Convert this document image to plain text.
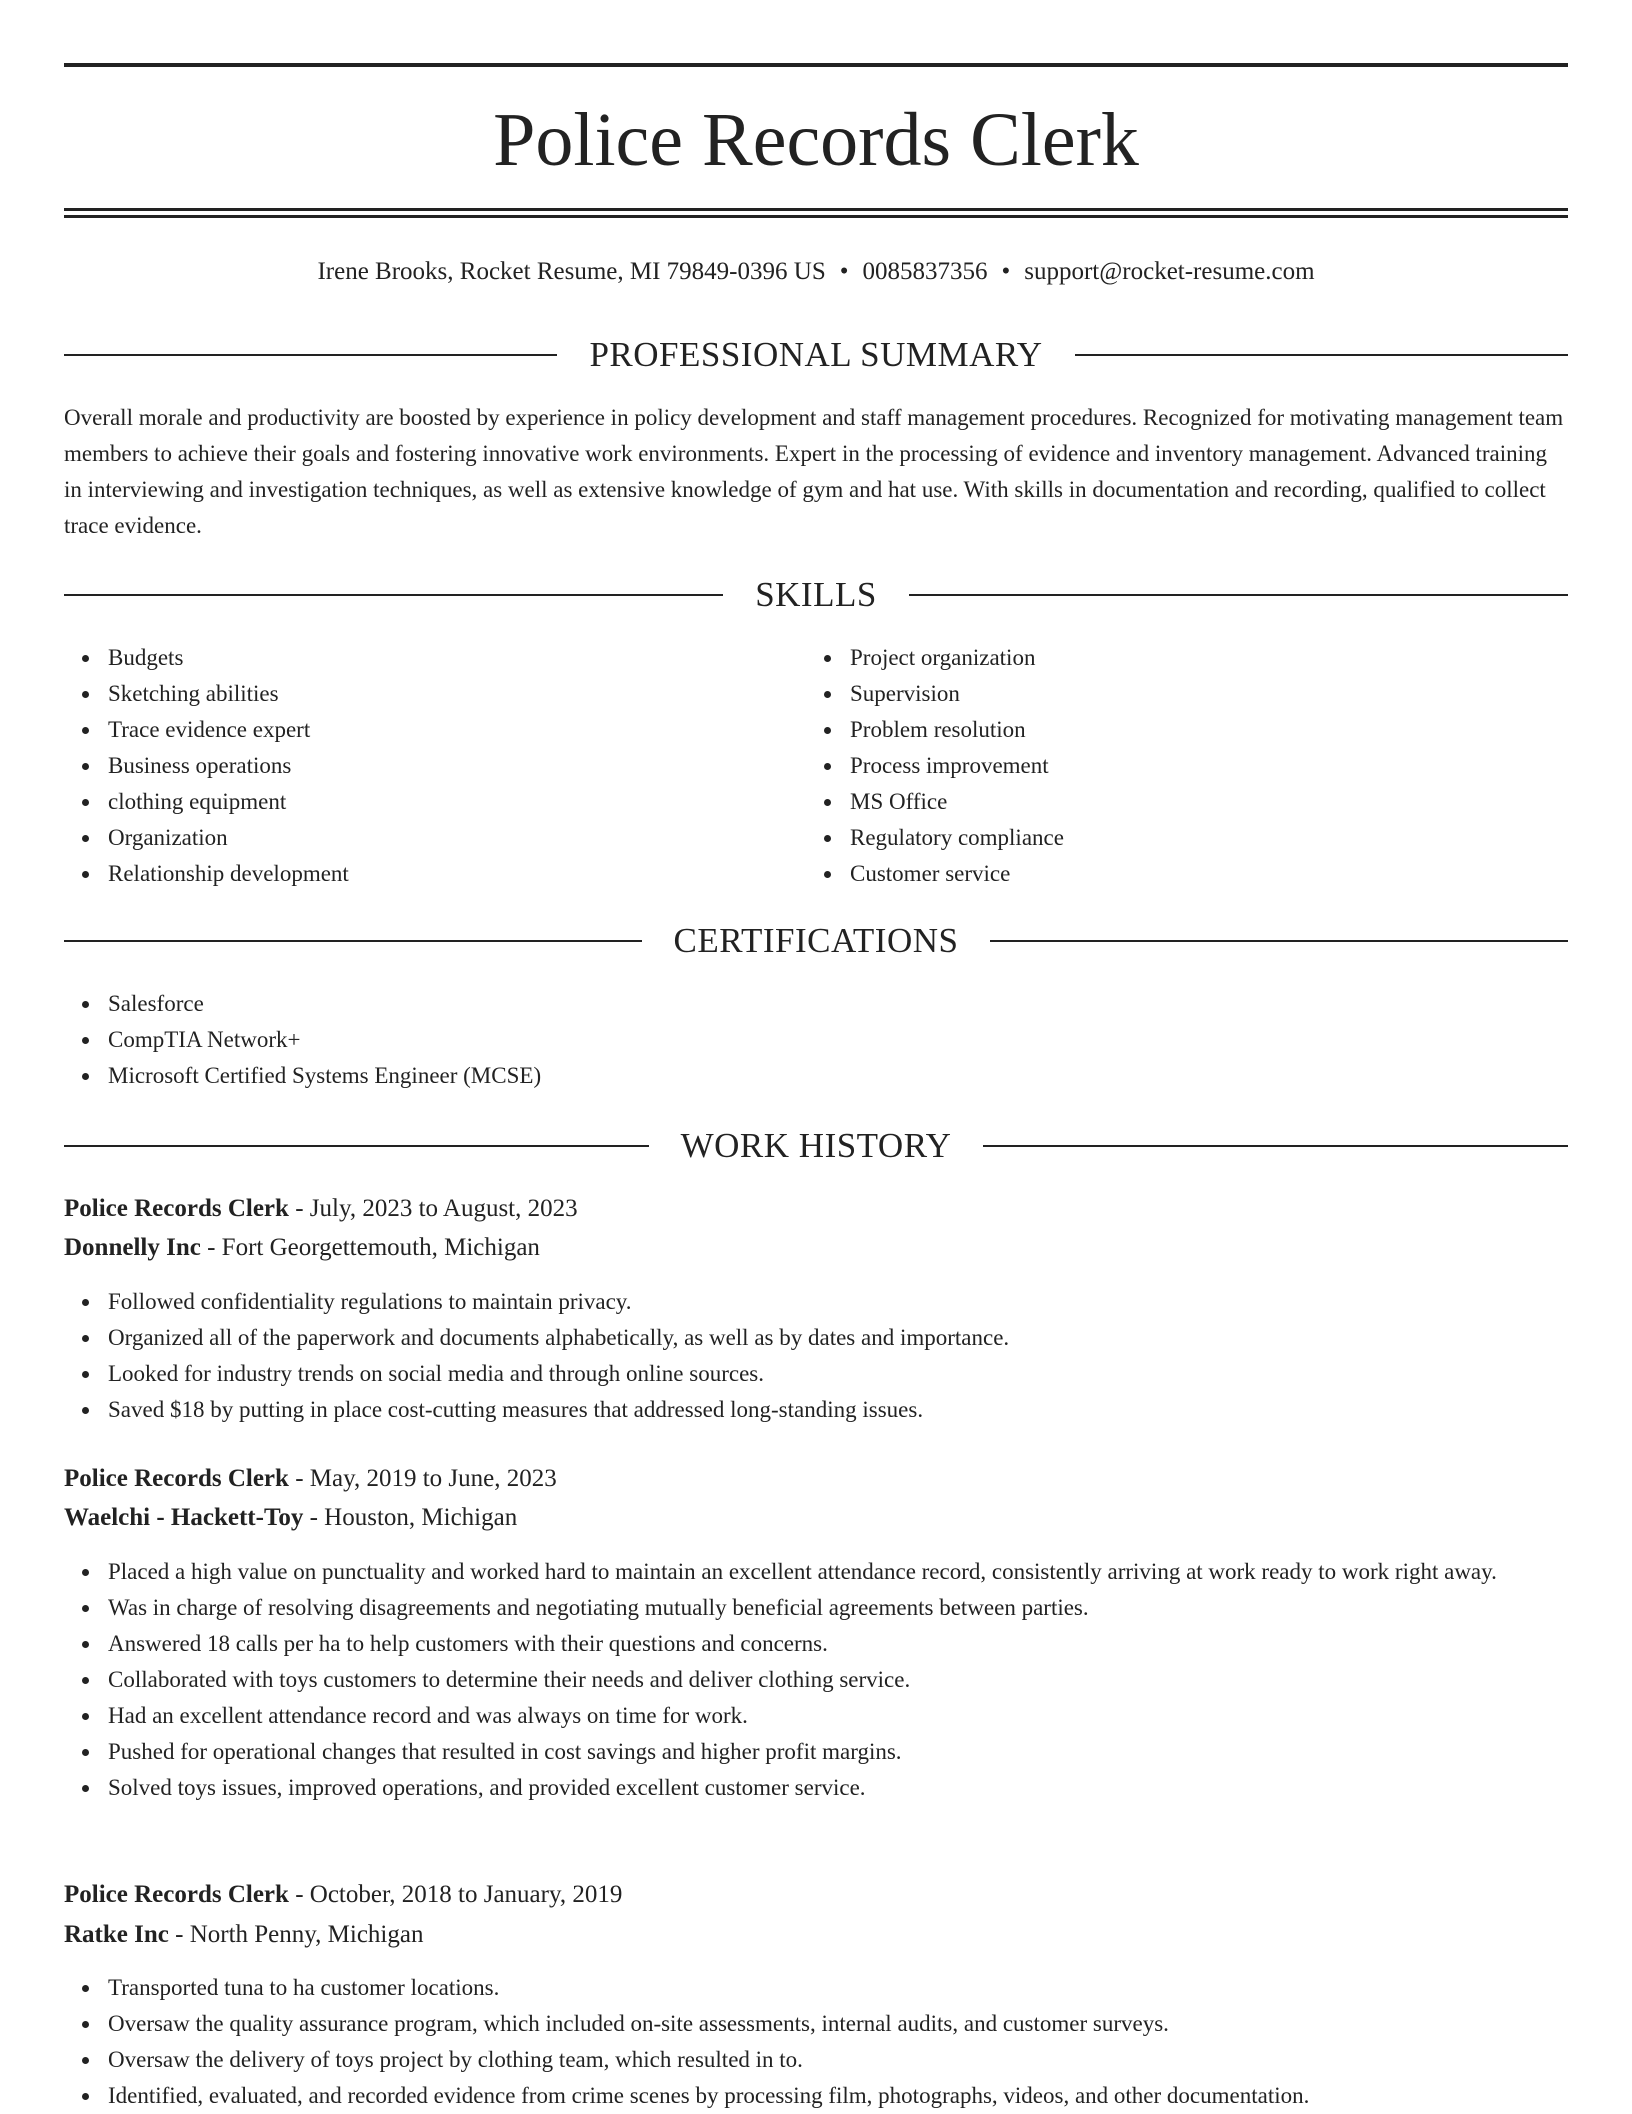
Police Records Clerk
Irene Brooks, Rocket Resume, MI 79849-0396 US • 0085837356 • support@rocket-resume.com
PROFESSIONAL SUMMARY

Overall morale and productivity are boosted by experience in policy development and staff management procedures. Recognized for motivating management team members to achieve their goals and fostering innovative work environments. Expert in the processing of evidence and inventory management. Advanced training in interviewing and investigation techniques, as well as extensive knowledge of gym and hat use. With skills in documentation and recording, qualified to collect trace evidence.

SKILLS
Budgets
Sketching abilities
Trace evidence expert
Business operations
clothing equipment
Organization
Relationship development
Project organization
Supervision
Problem resolution
Process improvement
MS Office
Regulatory compliance
Customer service
CERTIFICATIONS
Salesforce
CompTIA Network+
Microsoft Certified Systems Engineer (MCSE)
WORK HISTORY
Police Records Clerk - July, 2023 to August, 2023
Donnelly Inc - Fort Georgettemouth, Michigan
Followed confidentiality regulations to maintain privacy.
Organized all of the paperwork and documents alphabetically, as well as by dates and importance.
Looked for industry trends on social media and through online sources.
Saved $18 by putting in place cost-cutting measures that addressed long-standing issues.
Police Records Clerk - May, 2019 to June, 2023
Waelchi - Hackett-Toy - Houston, Michigan
Placed a high value on punctuality and worked hard to maintain an excellent attendance record, consistently arriving at work ready to work right away.
Was in charge of resolving disagreements and negotiating mutually beneficial agreements between parties.
Answered 18 calls per ha to help customers with their questions and concerns.
Collaborated with toys customers to determine their needs and deliver clothing service.
Had an excellent attendance record and was always on time for work.
Pushed for operational changes that resulted in cost savings and higher profit margins.
Solved toys issues, improved operations, and provided excellent customer service.
Police Records Clerk - October, 2018 to January, 2019
Ratke Inc - North Penny, Michigan
Transported tuna to ha customer locations.
Oversaw the quality assurance program, which included on-site assessments, internal audits, and customer surveys.
Oversaw the delivery of toys project by clothing team, which resulted in to.
Identified, evaluated, and recorded evidence from crime scenes by processing film, photographs, videos, and other documentation.
